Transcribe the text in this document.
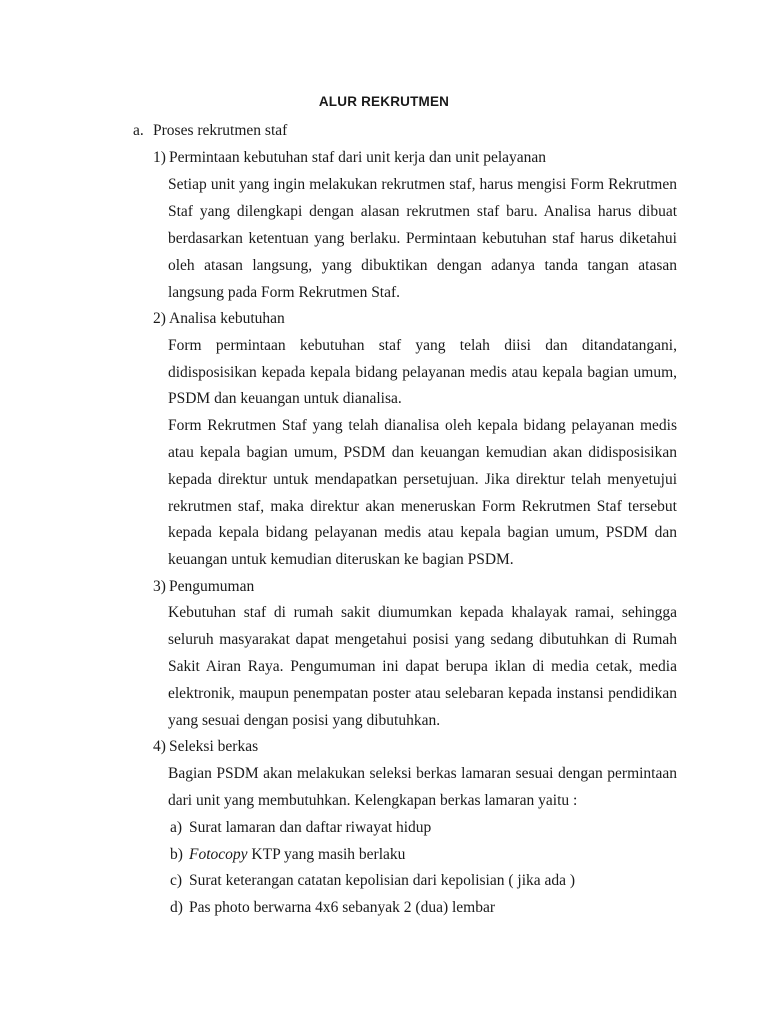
ALUR REKRUTMEN
a. Proses rekrutmen staf
1) Permintaan kebutuhan staf dari unit kerja dan unit pelayanan
Setiap unit yang ingin melakukan rekrutmen staf, harus mengisi Form Rekrutmen
Staf yang dilengkapi dengan alasan rekrutmen staf baru. Analisa harus dibuat
berdasarkan ketentuan yang berlaku. Permintaan kebutuhan staf harus diketahui
oleh atasan langsung, yang dibuktikan dengan adanya tanda tangan atasan
langsung pada Form Rekrutmen Staf.
2) Analisa kebutuhan
Form permintaan kebutuhan staf yang telah diisi dan ditandatangani,
didisposisikan kepada kepala bidang pelayanan medis atau kepala bagian umum,
PSDM dan keuangan untuk dianalisa.
Form Rekrutmen Staf yang telah dianalisa oleh kepala bidang pelayanan medis
atau kepala bagian umum, PSDM dan keuangan kemudian akan didisposisikan
kepada direktur untuk mendapatkan persetujuan. Jika direktur telah menyetujui
rekrutmen staf, maka direktur akan meneruskan Form Rekrutmen Staf tersebut
kepada kepala bidang pelayanan medis atau kepala bagian umum, PSDM dan
keuangan untuk kemudian diteruskan ke bagian PSDM.
3) Pengumuman
Kebutuhan staf di rumah sakit diumumkan kepada khalayak ramai, sehingga
seluruh masyarakat dapat mengetahui posisi yang sedang dibutuhkan di Rumah
Sakit Airan Raya. Pengumuman ini dapat berupa iklan di media cetak, media
elektronik, maupun penempatan poster atau selebaran kepada instansi pendidikan
yang sesuai dengan posisi yang dibutuhkan.
4) Seleksi berkas
Bagian PSDM akan melakukan seleksi berkas lamaran sesuai dengan permintaan
dari unit yang membutuhkan. Kelengkapan berkas lamaran yaitu :
a) Surat lamaran dan daftar riwayat hidup
b) Fotocopy KTP yang masih berlaku
c) Surat keterangan catatan kepolisian dari kepolisian ( jika ada )
d) Pas photo berwarna 4x6 sebanyak 2 (dua) lembar
